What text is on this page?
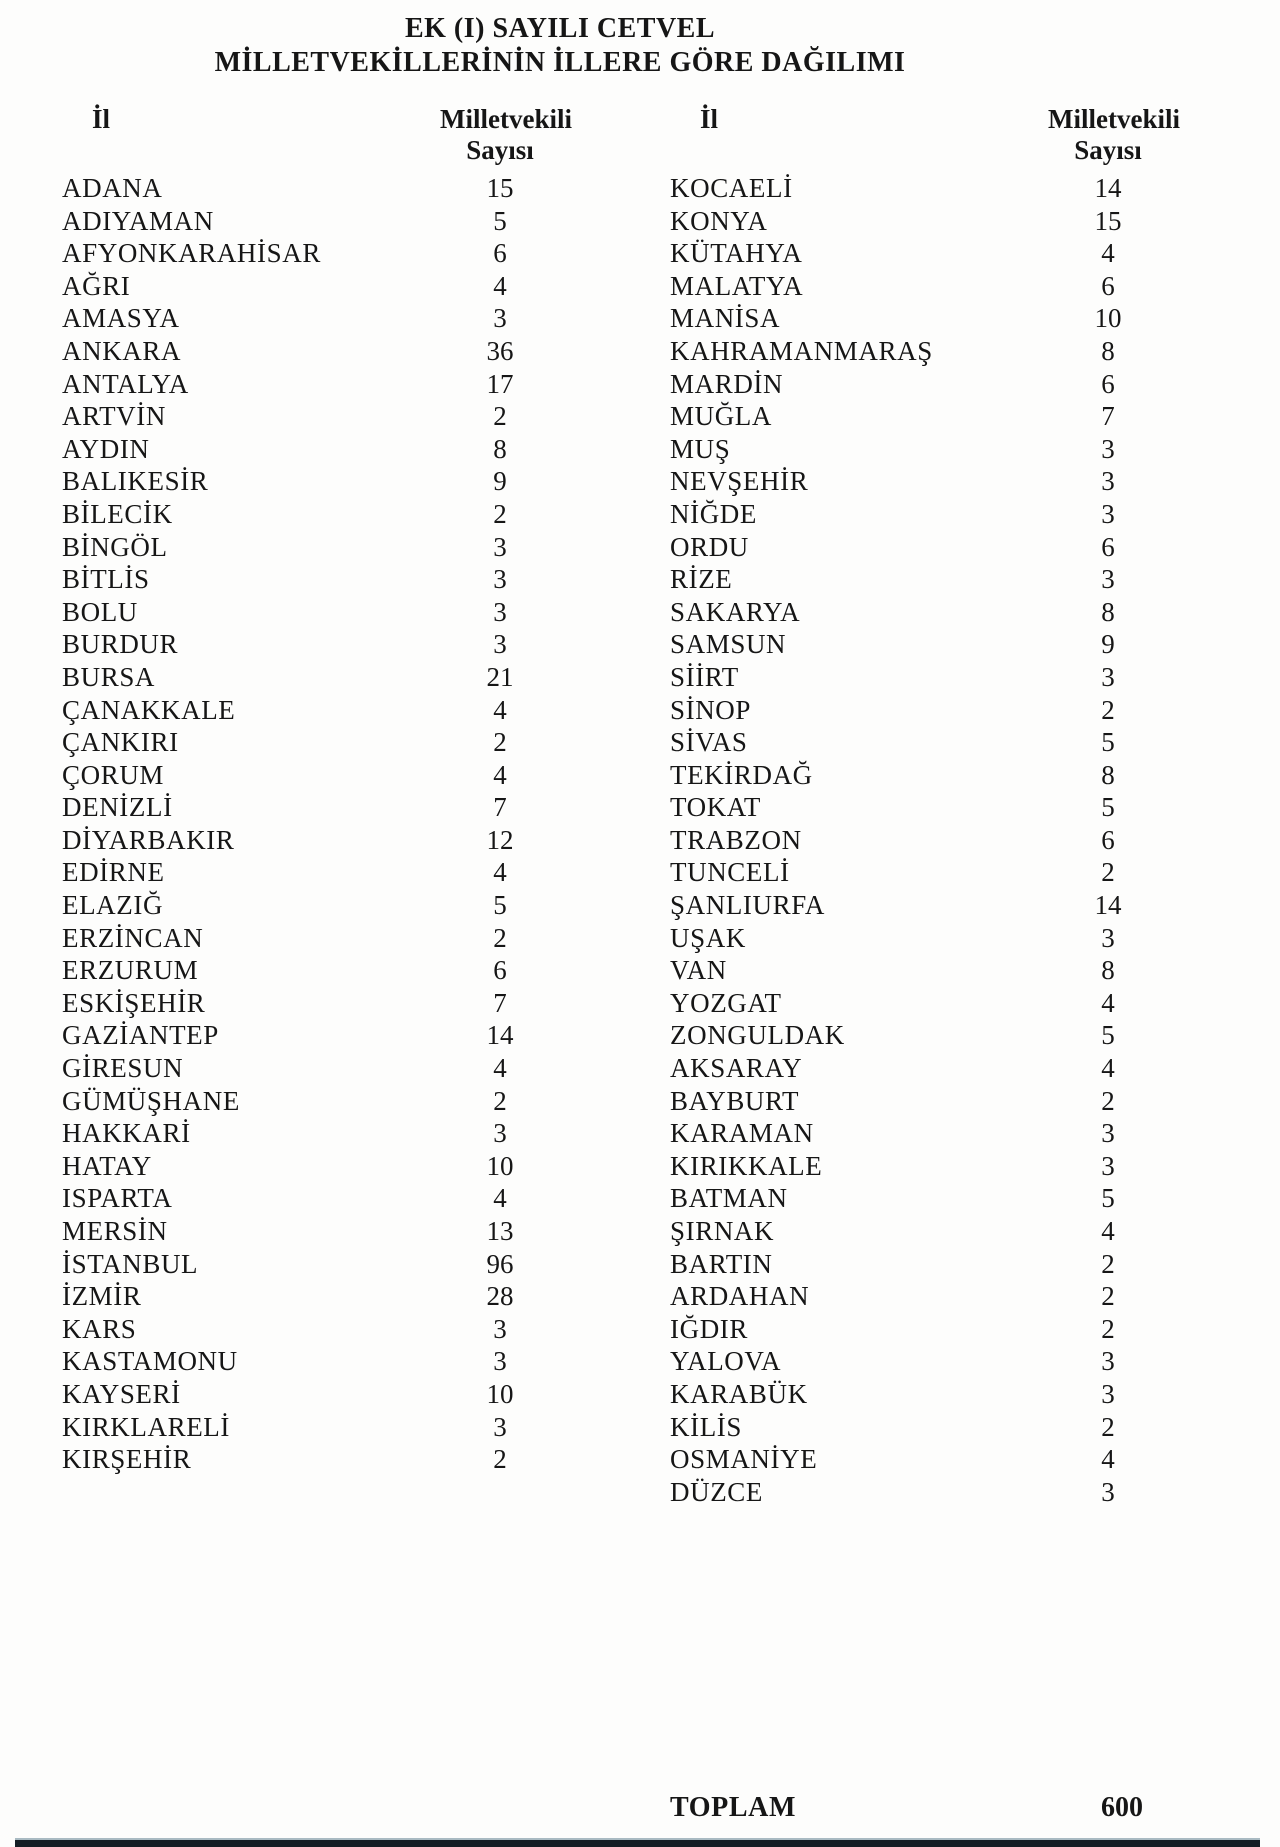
EK (I) SAYILI CETVEL
MİLLETVEKİLLERİNİN İLLERE GÖRE DAĞILIMI
İl	Milletvekili
Sayısı
ADANA	15
ADIYAMAN	5
AFYONKARAHİSAR	6
AĞRI	4
AMASYA	3
ANKARA	36
ANTALYA	17
ARTVİN	2
AYDIN	8
BALIKESİR	9
BİLECİK	2
BİNGÖL	3
BİTLİS	3
BOLU	3
BURDUR	3
BURSA	21
ÇANAKKALE	4
ÇANKIRI	2
ÇORUM	4
DENİZLİ	7
DİYARBAKIR	12
EDİRNE	4
ELAZIĞ	5
ERZİNCAN	2
ERZURUM	6
ESKİŞEHİR	7
GAZİANTEP	14
GİRESUN	4
GÜMÜŞHANE	2
HAKKARİ	3
HATAY	10
ISPARTA	4
MERSİN	13
İSTANBUL	96
İZMİR	28
KARS	3
KASTAMONU	3
KAYSERİ	10
KIRKLARELİ	3
KIRŞEHİR	2
İl	Milletvekili
Sayısı
KOCAELİ	14
KONYA	15
KÜTAHYA	4
MALATYA	6
MANİSA	10
KAHRAMANMARAŞ	8
MARDİN	6
MUĞLA	7
MUŞ	3
NEVŞEHİR	3
NİĞDE	3
ORDU	6
RİZE	3
SAKARYA	8
SAMSUN	9
SİİRT	3
SİNOP	2
SİVAS	5
TEKİRDAĞ	8
TOKAT	5
TRABZON	6
TUNCELİ	2
ŞANLIURFA	14
UŞAK	3
VAN	8
YOZGAT	4
ZONGULDAK	5
AKSARAY	4
BAYBURT	2
KARAMAN	3
KIRIKKALE	3
BATMAN	5
ŞIRNAK	4
BARTIN	2
ARDAHAN	2
IĞDIR	2
YALOVA	3
KARABÜK	3
KİLİS	2
OSMANİYE	4
DÜZCE	3
TOPLAM	600
